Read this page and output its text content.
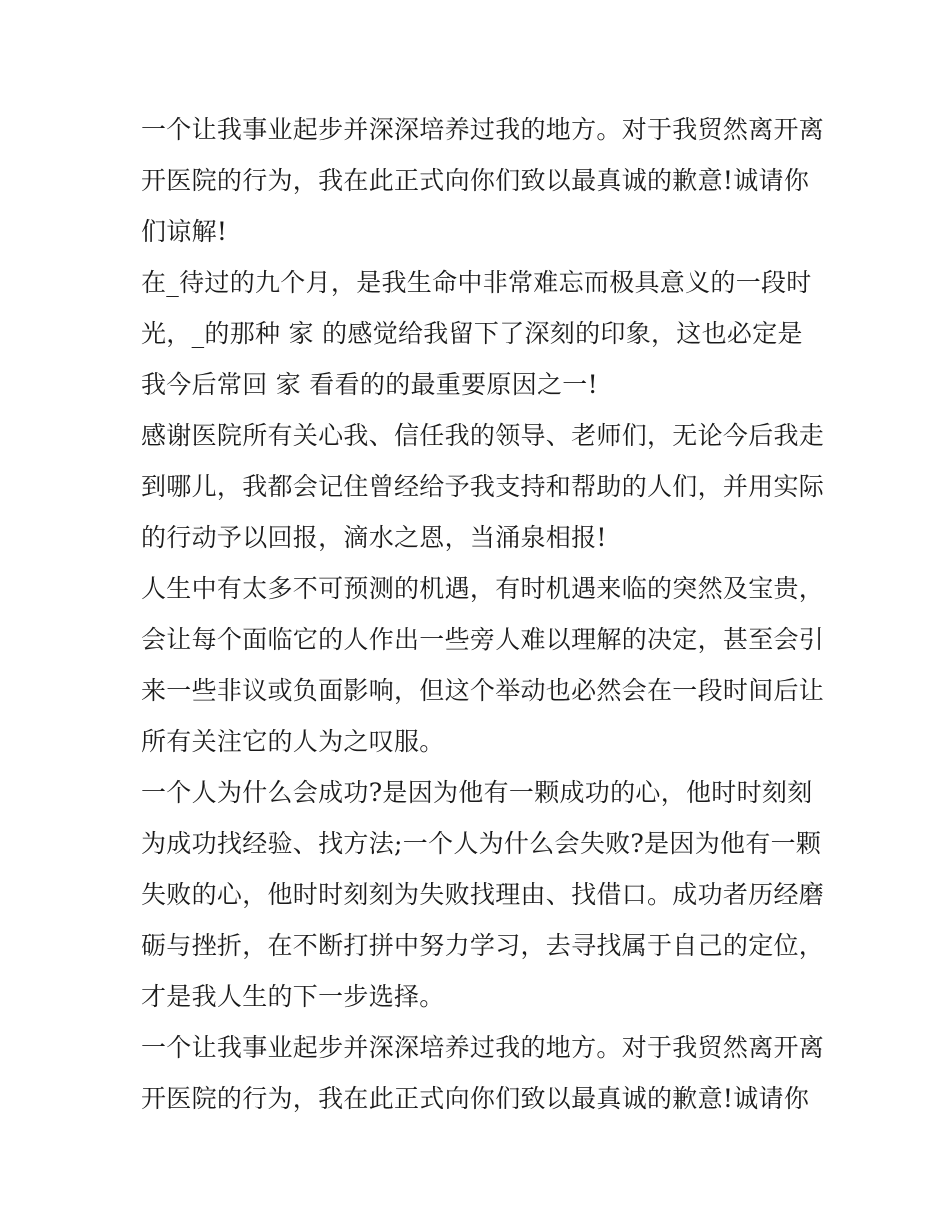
一个让我事业起步并深深培养过我的地方。对于我贸然离开离
开医院的行为，我在此正式向你们致以最真诚的歉意!诚请你
们谅解!
在_待过的九个月，是我生命中非常难忘而极具意义的一段时
光，_的那种 家 的感觉给我留下了深刻的印象，这也必定是
我今后常回 家 看看的的最重要原因之一!
感谢医院所有关心我、信任我的领导、老师们，无论今后我走
到哪儿，我都会记住曾经给予我支持和帮助的人们，并用实际
的行动予以回报，滴水之恩，当涌泉相报!
人生中有太多不可预测的机遇，有时机遇来临的突然及宝贵，
会让每个面临它的人作出一些旁人难以理解的决定，甚至会引
来一些非议或负面影响，但这个举动也必然会在一段时间后让
所有关注它的人为之叹服。
一个人为什么会成功?是因为他有一颗成功的心，他时时刻刻
为成功找经验、找方法;一个人为什么会失败?是因为他有一颗
失败的心，他时时刻刻为失败找理由、找借口。成功者历经磨
砺与挫折，在不断打拼中努力学习，去寻找属于自己的定位，
才是我人生的下一步选择。
一个让我事业起步并深深培养过我的地方。对于我贸然离开离
开医院的行为，我在此正式向你们致以最真诚的歉意!诚请你
